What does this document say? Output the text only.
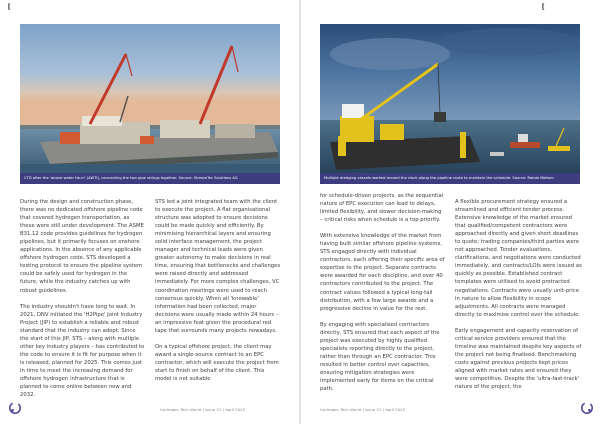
[	[
CTD after the 'above water tie-in' (AWTI), connecting the two pipe strings together. Source: StreamTec Solutions AG	Multiple dredging vessels worked around the clock along the pipeline route to maintain the schedule. Source: Rohde Nielsen

During the design and construction phase, there was no dedicated offshore pipeline code that covered hydrogen transportation, as these were still under development. The ASME B31.12 code provides guidelines for hydrogen pipelines, but it primarily focuses on onshore applications. In the absence of any applicable offshore hydrogen code, STS developed a testing protocol to ensure the pipeline system could be safely used for hydrogen in the future, while the industry catches up with robust guidelines.

The industry shouldn't have long to wait. In 2021, DNV initiated the 'H2Pipe' Joint Industry Project (JIP) to establish a reliable and robust standard that the industry can adopt. Since the start of this JIP, STS – along with multiple other key industry players – has contributed to the code to ensure it is fit for purpose when it is released, planned for 2025. This comes just in time to meet the increasing demand for offshore hydrogen infrastructure that is planned to come online between now and 2032.

STS led a joint integrated team with the client to execute the project. A flat organisational structure was adopted to ensure decisions could be made quickly and efficiently. By minimising hierarchical layers and ensuring solid interface management, the project manager and technical leads were given greater autonomy to make decisions in real time, ensuring that bottlenecks and challenges were raised directly and addressed immediately. For more complex challenges, VC coordination meetings were used to reach consensus quickly. When all 'knowable' information had been collected, major decisions were usually made within 24 hours – an impressive feat given the procedural red tape that surrounds many projects nowadays.

On a typical offshore project, the client may award a single-source contract to an EPC contractor, which will execute the project from start to finish on behalf of the client. This model is not suitable

for schedule-driven projects, as the sequential nature of EPC execution can lead to delays, limited flexibility, and slower decision-making – critical risks when schedule is a top priority.

With extensive knowledge of the market from having built similar offshore pipeline systems, STS engaged directly with individual contractors, each offering their specific area of expertise to the project. Separate contracts were awarded for each discipline, and over 40 contractors contributed to the project. The contract values followed a typical long-tail distribution, with a few large awards and a progressive decline in value for the rest.

By engaging with specialised contractors directly, STS ensured that each aspect of the project was executed by highly qualified specialists reporting directly to the project, rather than through an EPC contractor. This resulted in better control over capacities, ensuring mitigation strategies were implemented early for items on the critical path.

A flexible procurement strategy ensured a streamlined and efficient tender process. Extensive knowledge of the market ensured that qualified/competent contractors were approached directly and given short deadlines to quote; trading companies/third parties were not approached. Tender evaluations, clarifications, and negotiations were conducted immediately, and contracts/LOIs were issued as quickly as possible. Established contract templates were utilised to avoid protracted negotiations. Contracts were usually unit-price in nature to allow flexibility in scope adjustments. All contracts were managed directly to maximise control over the schedule.

Early engagement and capacity reservation of critical service providers ensured that the timeline was maintained despite key aspects of the project not being finalised. Benchmarking costs against previous projects kept prices aligned with market rates and ensured they were competitive. Despite the 'ultra-fast-track' nature of the project, the

Hydrogen Tech World | Issue 21 | April 2025	Hydrogen Tech World | Issue 21 | April 2025
